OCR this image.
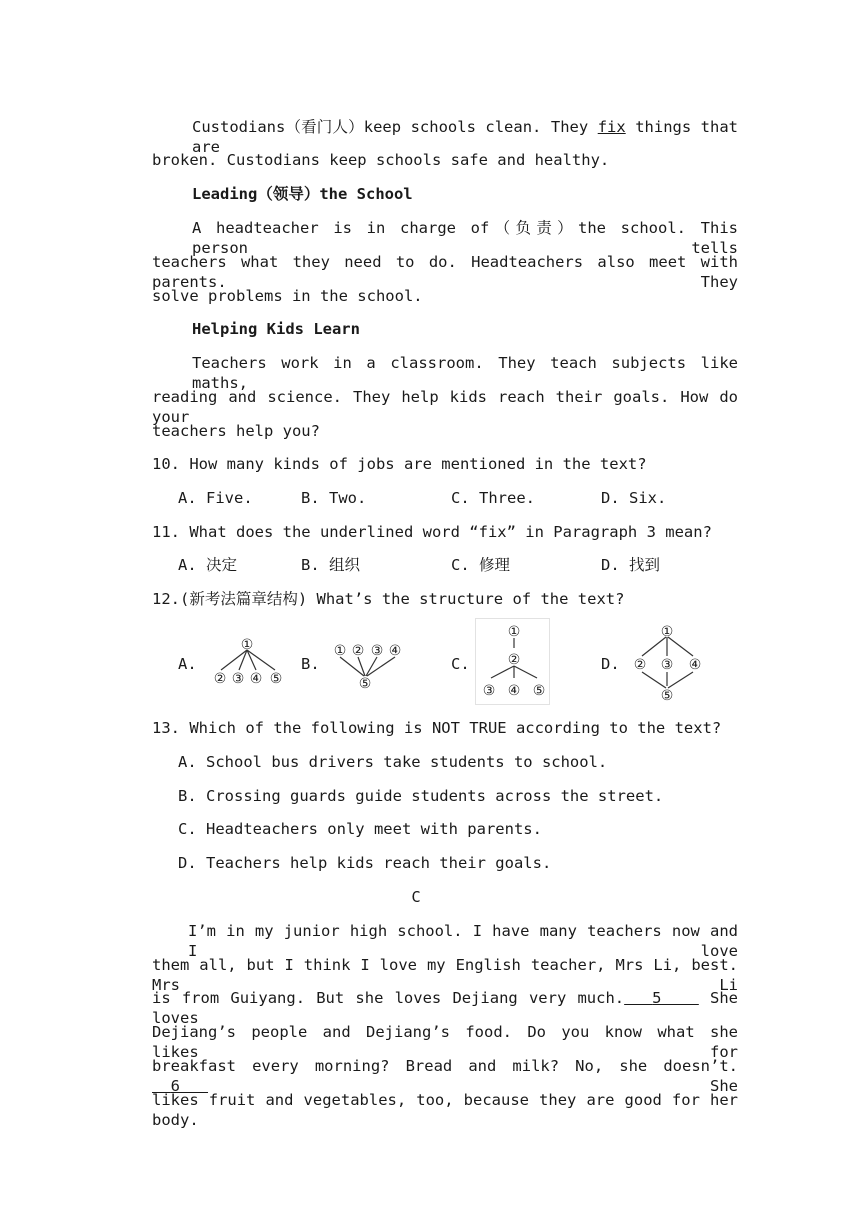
Custodians（看门人）keep schools clean. They fix things that are
broken. Custodians keep schools safe and healthy.
Leading（领导）the School
A headteacher is in charge of（负责）the school. This person tells
teachers what they need to do. Headteachers also meet with parents. They
solve problems in the school.
Helping Kids Learn
Teachers work in a classroom. They teach subjects like maths,
reading and science. They help kids reach their goals. How do your
teachers help you?
10. How many kinds of jobs are mentioned in the text?
A. Five.	B. Two.	C. Three.	D. Six.
11. What does the underlined word “fix” in Paragraph 3 mean?
A. 决定	B. 组织	C. 修理	D. 找到
12.(新考法篇章结构) What’s the structure of the text?
A.	B.	C.	D.
①
② ③ ④ ⑤
① ② ③ ④
⑤
①
②
③ ④ ⑤
①
② ③ ④
⑤
13. Which of the following is NOT TRUE according to the text?
A. School bus drivers take students to school.
B. Crossing guards guide students across the street.
C. Headteachers only meet with parents.
D. Teachers help kids reach their goals.
C
I’m in my junior high school. I have many teachers now and I love
them all, but I think I love my English teacher, Mrs Li, best. Mrs Li
is from Guiyang. But she loves Dejiang very much. 5     She loves
Dejiang’s people and Dejiang’s food. Do you know what she likes for
breakfast every morning? Bread and milk? No, she doesn’t.   6    She
likes fruit and vegetables, too, because they are good for her body.
